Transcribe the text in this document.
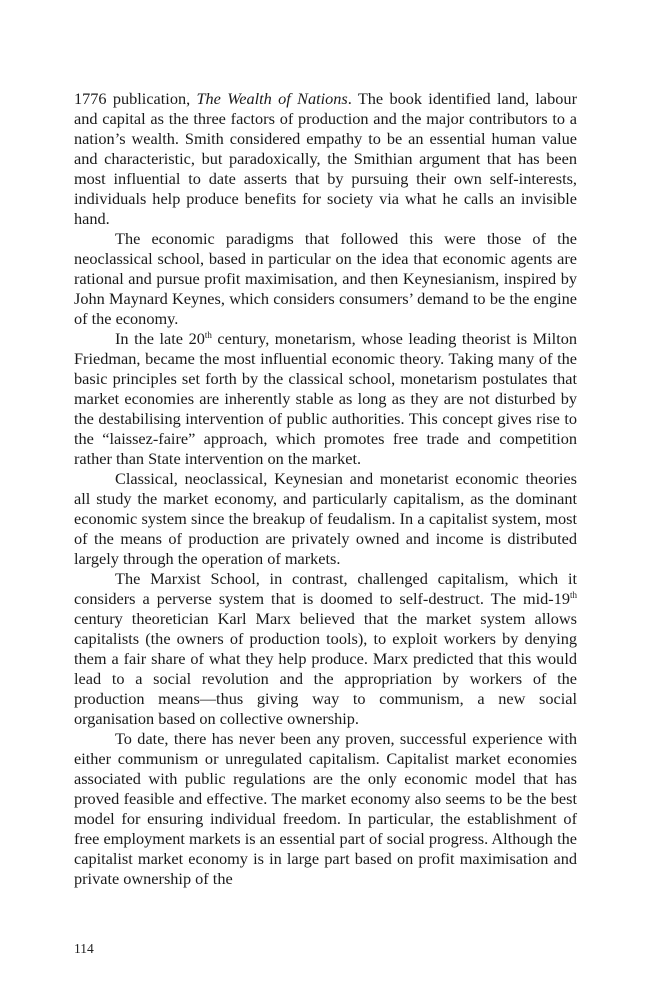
1776 publication, The Wealth of Nations. The book identified land, labour and capital as the three factors of production and the major contributors to a nation’s wealth. Smith considered empathy to be an essential human value and characteristic, but paradoxically, the Smithian argument that has been most influential to date asserts that by pursuing their own self-interests, individuals help produce benefits for society via what he calls an invisible hand.

The economic paradigms that followed this were those of the neoclassical school, based in particular on the idea that economic agents are rational and pursue profit maximisation, and then Keynesianism, inspired by John Maynard Keynes, which considers consumers’ demand to be the engine of the economy.

In the late 20th century, monetarism, whose leading theorist is Milton Friedman, became the most influential economic theory. Taking many of the basic principles set forth by the classical school, monetarism postulates that market economies are inherently stable as long as they are not disturbed by the destabilising intervention of public authorities. This concept gives rise to the “laissez-faire” approach, which promotes free trade and competition rather than State intervention on the market.

Classical, neoclassical, Keynesian and monetarist economic theories all study the market economy, and particularly capitalism, as the dominant economic system since the breakup of feudalism. In a capitalist system, most of the means of production are privately owned and income is distributed largely through the operation of markets.

The Marxist School, in contrast, challenged capitalism, which it considers a perverse system that is doomed to self-destruct. The mid-19th century theoretician Karl Marx believed that the market system allows capitalists (the owners of production tools), to exploit workers by denying them a fair share of what they help produce. Marx predicted that this would lead to a social revolution and the appropriation by workers of the production means—thus giving way to communism, a new social organisation based on collective ownership.

To date, there has never been any proven, successful experience with either communism or unregulated capitalism. Capitalist market economies associated with public regulations are the only economic model that has proved feasible and effective. The market economy also seems to be the best model for ensuring individual freedom. In particular, the establishment of free employment markets is an essential part of social progress. Although the capitalist market economy is in large part based on profit maximisation and private ownership of the

114
